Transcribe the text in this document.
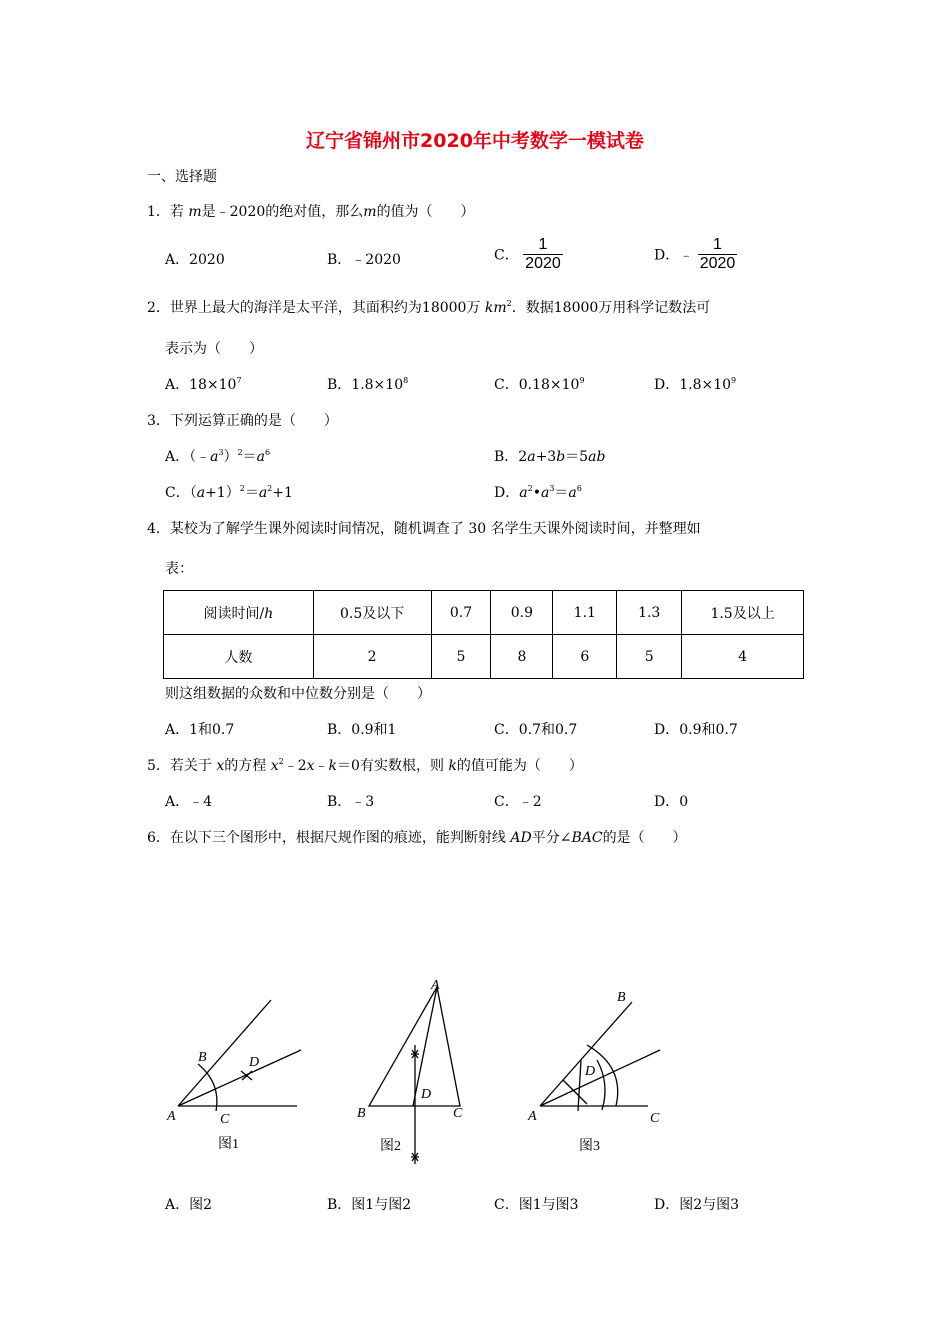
辽宁省锦州市2020年中考数学一模试卷
一、选择题
1．若 m是﹣2020的绝对值，那么m的值为（　　）
A．2020	B．﹣2020	C． $\frac{1}{2020}$	D．﹣ $\frac{1}{2020}$
2．世界上最大的海洋是太平洋，其面积约为18000万 $km^2$．数据18000万用科学记数法可
表示为（　　）
A．$18\times 10^7$	B．$1.8\times 10^8$	C．$0.18\times 10^9$	D．$1.8\times 10^9$
3．下列运算正确的是（　　）
A．$(﹣a^3)^2=a^6$	B．2a+3b＝5ab
C．$(a+1)^2=a^2+1$	D．$a^2•a^3=a^6$
4．某校为了解学生课外阅读时间情况，随机调查了 30 名学生天课外阅读时间，并整理如
表：
阅读时间/h	0.5及以下	0.7	0.9	1.1	1.3	1.5及以上
人数	2	5	8	6	5	4
则这组数据的众数和中位数分别是（　　）
A．1和0.7	B．0.9和1	C．0.7和0.7	D．0.9和0.7
5．若关于 x的方程 $x^2﹣2x﹣k=0$有实数根，则 k的值可能为（　　）
A．﹣4	B．﹣3	C．﹣2	D．0
6．在以下三个图形中，根据尺规作图的痕迹，能判断射线 AD平分∠BAC的是（　　）
A
B
C
D
A
B	C
D
A
B
C
D
图1	图2	图3
A．图2	B．图1与图2	C．图1与图3	D．图2与图3
